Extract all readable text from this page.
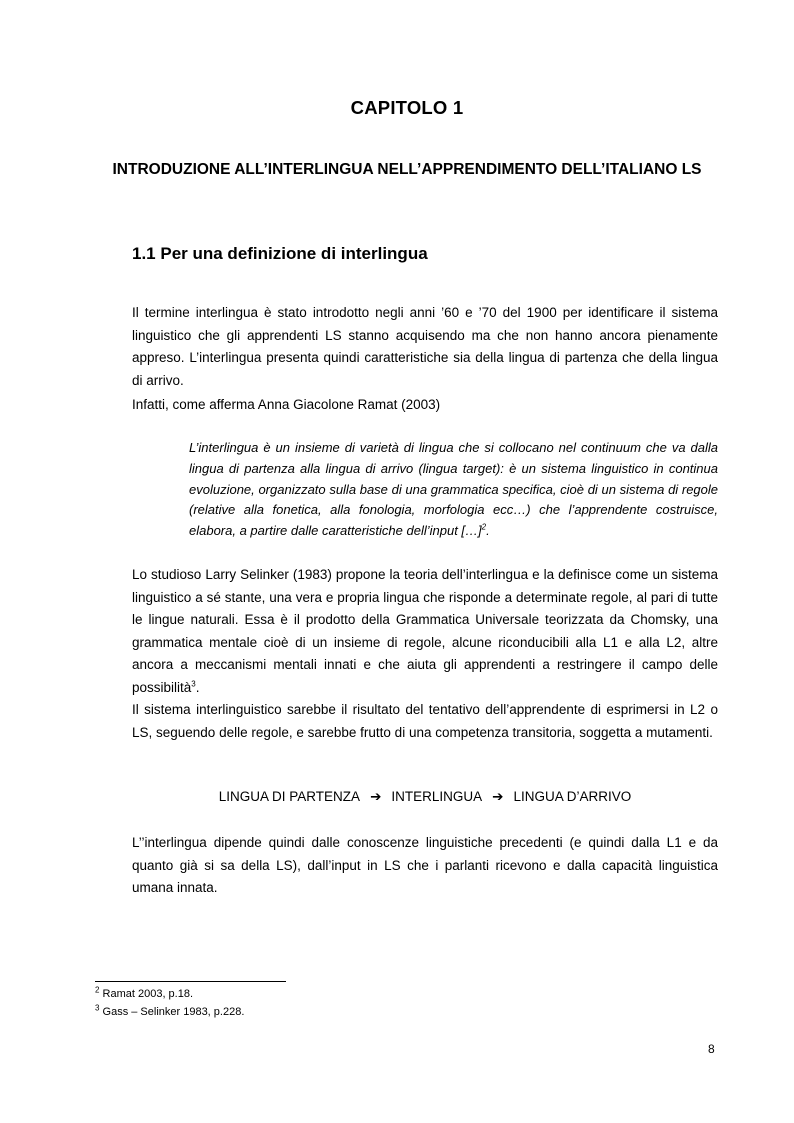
CAPITOLO 1
INTRODUZIONE ALL’INTERLINGUA NELL’APPRENDIMENTO DELL’ITALIANO LS
1.1 Per una definizione di interlingua

Il termine interlingua è stato introdotto negli anni ’60 e ’70 del 1900 per identificare il sistema linguistico che gli apprendenti LS stanno acquisendo ma che non hanno ancora pienamente appreso. L’interlingua presenta quindi caratteristiche sia della lingua di partenza che della lingua di arrivo.

Infatti, come afferma Anna Giacolone Ramat (2003)

L’interlingua è un insieme di varietà di lingua che si collocano nel continuum che va dalla lingua di partenza alla lingua di arrivo (lingua target): è un sistema linguistico in continua evoluzione, organizzato sulla base di una grammatica specifica, cioè di un sistema di regole (relative alla fonetica, alla fonologia, morfologia ecc…) che l’apprendente costruisce, elabora, a partire dalle caratteristiche dell’input […]$^2$.

Lo studioso Larry Selinker (1983) propone la teoria dell’interlingua e la definisce come un sistema linguistico a sé stante, una vera e propria lingua che risponde a determinate regole, al pari di tutte le lingue naturali. Essa è il prodotto della Grammatica Universale teorizzata da Chomsky, una grammatica mentale cioè di un insieme di regole, alcune riconducibili alla L1 e alla L2, altre ancora a meccanismi mentali innati e che aiuta gli apprendenti a restringere il campo delle possibilità$^3$.

Il sistema interlinguistico sarebbe il risultato del tentativo dell’apprendente di esprimersi in L2 o LS, seguendo delle regole, e sarebbe frutto di una competenza transitoria, soggetta a mutamenti.

LINGUA DI PARTENZA ➔ INTERLINGUA ➔ LINGUA D’ARRIVO

L’’interlingua dipende quindi dalle conoscenze linguistiche precedenti (e quindi dalla L1 e da quanto già si sa della LS), dall’input in LS che i parlanti ricevono e dalla capacità linguistica umana innata.

$^2$ Ramat 2003, p.18.

$^3$ Gass – Selinker 1983, p.228.

8
